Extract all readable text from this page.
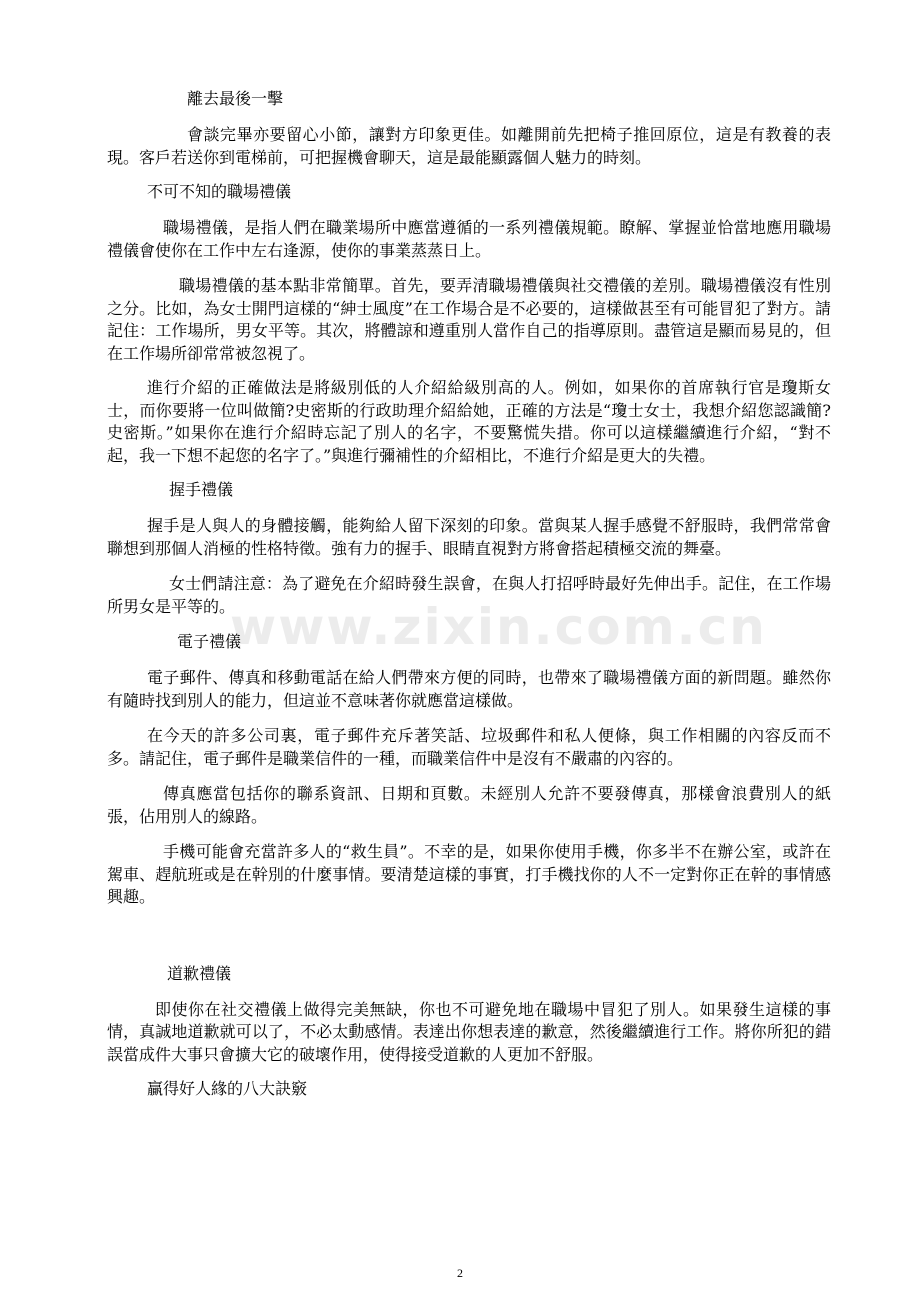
www.zixin.com.cn

離去最後一擊

會談完畢亦要留心小節，讓對方印象更佳。如離開前先把椅子推回原位，這是有教養的表現。客戶若送你到電梯前，可把握機會聊天，這是最能顯露個人魅力的時刻。

不可不知的職場禮儀

職場禮儀，是指人們在職業場所中應當遵循的一系列禮儀規範。瞭解、掌握並恰當地應用職場禮儀會使你在工作中左右逢源，使你的事業蒸蒸日上。

職場禮儀的基本點非常簡單。首先，要弄清職場禮儀與社交禮儀的差別。職場禮儀沒有性別之分。比如，為女士開門這樣的“紳士風度”在工作場合是不必要的，這樣做甚至有可能冒犯了對方。請記住：工作場所，男女平等。其次，將體諒和遵重別人當作自己的指導原則。盡管這是顯而易見的，但在工作場所卻常常被忽視了。

進行介紹的正確做法是將級別低的人介紹給級別高的人。例如，如果你的首席執行官是瓊斯女士，而你要將一位叫做簡?史密斯的行政助理介紹給她，正確的方法是“瓊士女士，我想介紹您認識簡?史密斯。”如果你在進行介紹時忘記了別人的名字，不要驚慌失措。你可以這樣繼續進行介紹，“對不起，我一下想不起您的名字了。”與進行彌補性的介紹相比，不進行介紹是更大的失禮。

握手禮儀

握手是人與人的身體接觸，能夠給人留下深刻的印象。當與某人握手感覺不舒服時，我們常常會聯想到那個人消極的性格特徵。強有力的握手、眼睛直視對方將會搭起積極交流的舞臺。

女士們請注意：為了避免在介紹時發生誤會，在與人打招呼時最好先伸出手。記住，在工作場所男女是平等的。

電子禮儀

電子郵件、傳真和移動電話在給人們帶來方便的同時，也帶來了職場禮儀方面的新問題。雖然你有隨時找到別人的能力，但這並不意味著你就應當這樣做。

在今天的許多公司裏，電子郵件充斥著笑話、垃圾郵件和私人便條，與工作相關的內容反而不多。請記住，電子郵件是職業信件的一種，而職業信件中是沒有不嚴肅的內容的。

傳真應當包括你的聯系資訊、日期和頁數。未經別人允許不要發傳真，那樣會浪費別人的紙張，佔用別人的線路。

手機可能會充當許多人的“救生員”。不幸的是，如果你使用手機，你多半不在辦公室，或許在駕車、趕航班或是在幹別的什麼事情。要清楚這樣的事實，打手機找你的人不一定對你正在幹的事情感興趣。

道歉禮儀

即使你在社交禮儀上做得完美無缺，你也不可避免地在職場中冒犯了別人。如果發生這樣的事情，真誠地道歉就可以了，不必太動感情。表達出你想表達的歉意，然後繼續進行工作。將你所犯的錯誤當成件大事只會擴大它的破壞作用，使得接受道歉的人更加不舒服。

贏得好人緣的八大訣竅

2
